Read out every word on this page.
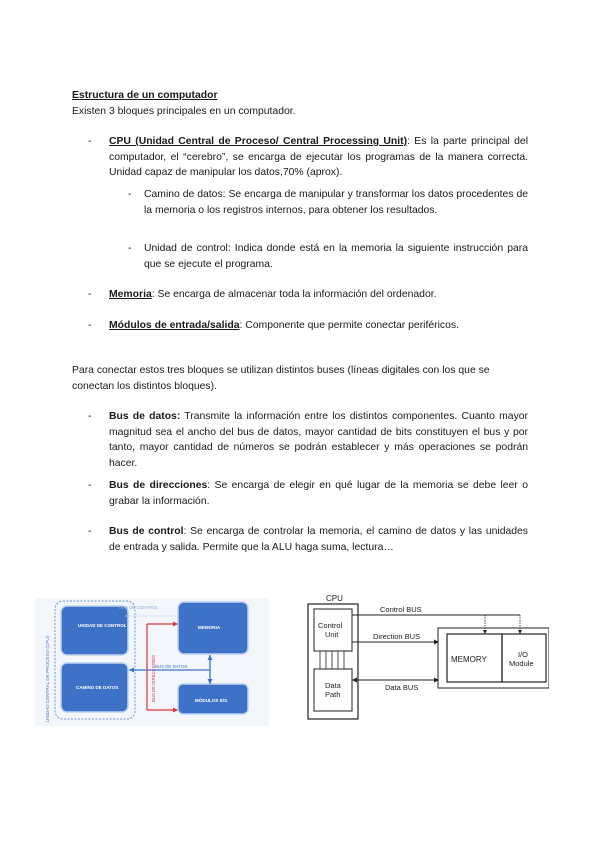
Estructura de un computador
Existen 3 bloques principales en un computador.
- CPU (Unidad Central de Proceso/ Central Processing Unit): Es la parte principal del computador, el “cerebro”, se encarga de ejecutar los programas de la manera correcta. Unidad capaz de manipular los datos,70% (aprox).
- Camino de datos: Se encarga de manipular y transformar los datos procedentes de la memoria o los registros internos, para obtener los resultados.
- Unidad de control: Indica donde está en la memoria la siguiente instrucción para que se ejecute el programa.
- Memoria: Se encarga de almacenar toda la información del ordenador.
- Módulos de entrada/salida: Componente que permite conectar periféricos.
Para conectar estos tres bloques se utilizan distintos buses (líneas digitales con los que se conectan los distintos bloques).
- Bus de datos: Transmite la información entre los distintos componentes. Cuanto mayor magnitud sea el ancho del bus de datos, mayor cantidad de bits constituyen el bus y por tanto, mayor cantidad de números se podrán establecer y más operaciones se podrán hacer.
- Bus de direcciones: Se encarga de elegir en qué lugar de la memoria se debe leer o grabar la información.
- Bus de control: Se encarga de controlar la memoria, el camino de datos y las unidades de entrada y salida. Permite que la ALU haga suma, lectura…
UNIDAD CENTRAL DE PROCESO (CPU)
UNIDAD DE CONTROL
CAMINO DE DATOS
MEMORIA
MÓDULOS E/S
BUS DE CONTROL
BUS DE DATOS
BUS DE DIRECCIONES
CPU
Control
Unit
Data
Path
MEMORY
I/O
Module
Control BUS
Direction BUS
Data BUS
